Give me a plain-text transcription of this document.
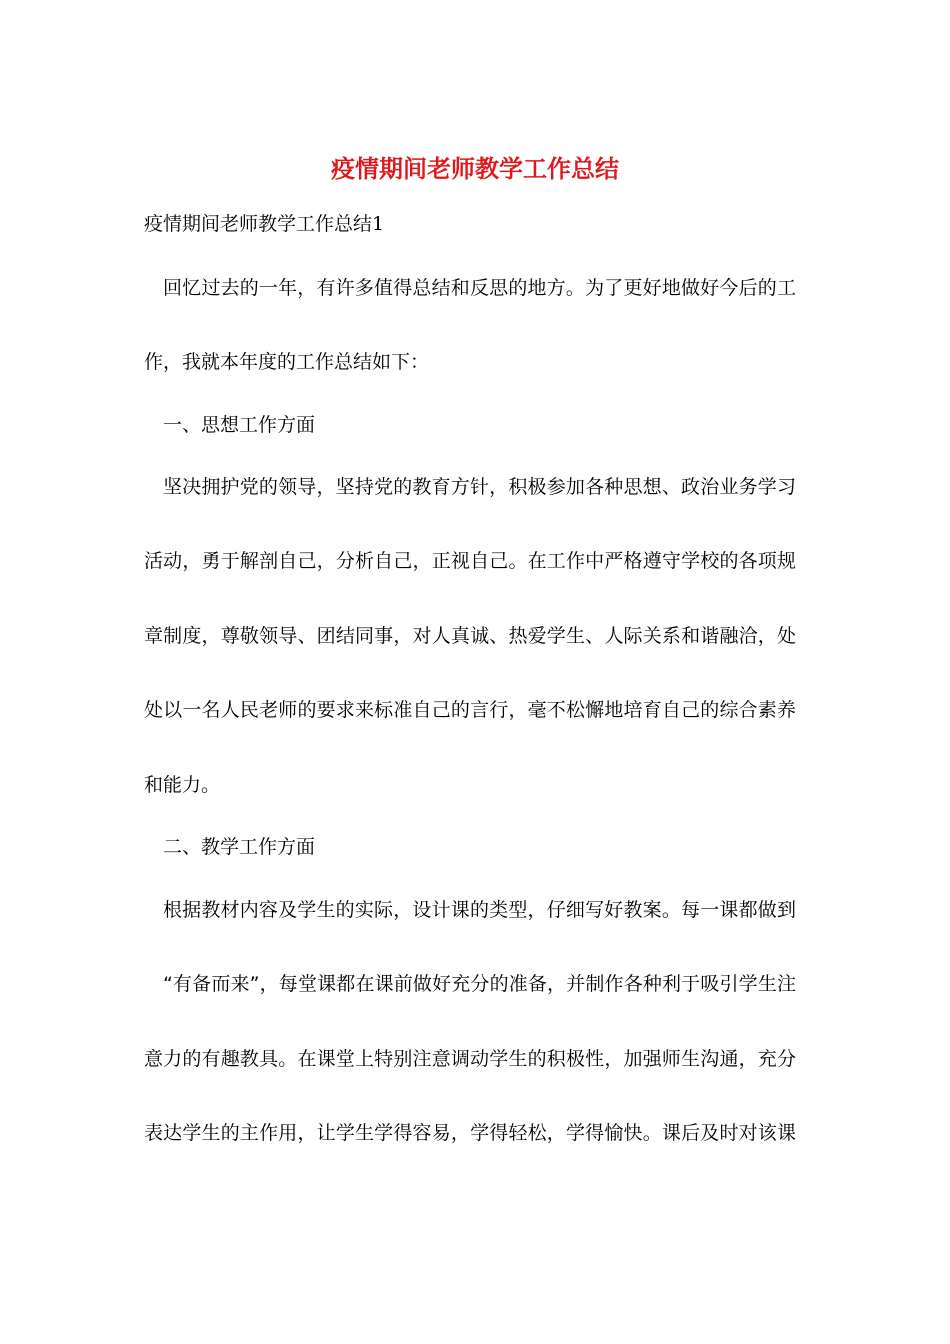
疫情期间老师教学工作总结

疫情期间老师教学工作总结1

回忆过去的一年，有许多值得总结和反思的地方。为了更好地做好今后的工

作，我就本年度的工作总结如下：

一、思想工作方面

坚决拥护党的领导，坚持党的教育方针，积极参加各种思想、政治业务学习

活动，勇于解剖自己，分析自己，正视自己。在工作中严格遵守学校的各项规

章制度，尊敬领导、团结同事，对人真诚、热爱学生、人际关系和谐融洽，处

处以一名人民老师的要求来标准自己的言行，毫不松懈地培育自己的综合素养

和能力。

二、教学工作方面

根据教材内容及学生的实际，设计课的类型，仔细写好教案。每一课都做到

“有备而来”，每堂课都在课前做好充分的准备，并制作各种利于吸引学生注

意力的有趣教具。在课堂上特别注意调动学生的积极性，加强师生沟通，充分

表达学生的主作用，让学生学得容易，学得轻松，学得愉快。课后及时对该课
